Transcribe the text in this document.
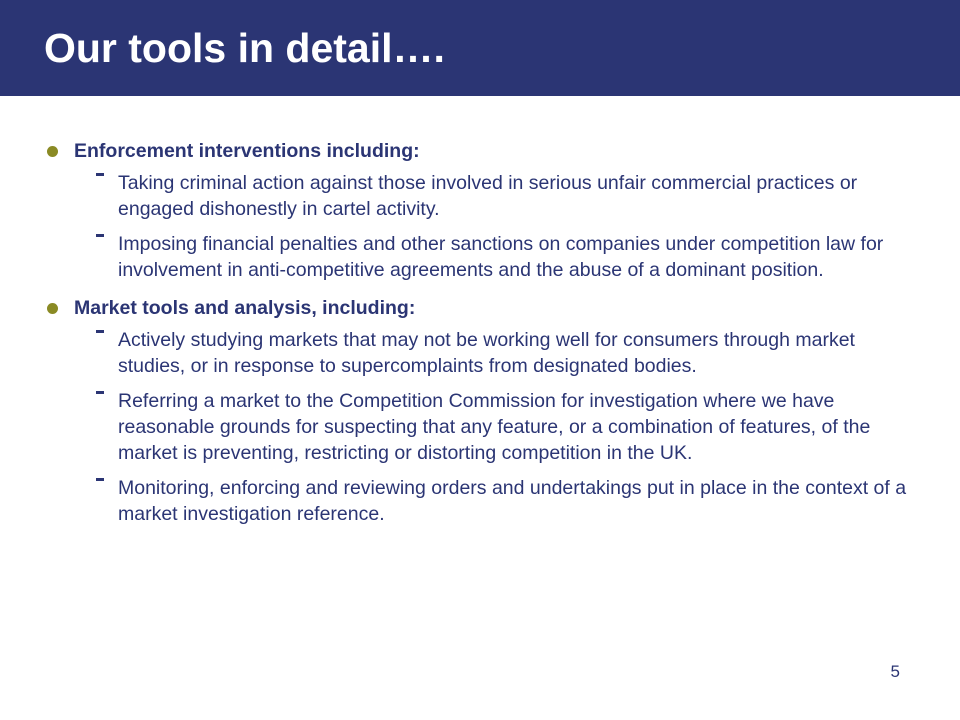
Our tools in detail….
Enforcement interventions including:
Taking criminal action against those involved in serious unfair commercial practices or engaged dishonestly in cartel activity.
Imposing financial penalties and other sanctions on companies under competition law for involvement in anti-competitive agreements and the abuse of a dominant position.
Market tools and analysis, including:
Actively studying markets that may not be working well for consumers through market studies, or in response to supercomplaints from designated bodies.
Referring a market to the Competition Commission for investigation where we have reasonable grounds for suspecting that any feature, or a combination of features, of the market is preventing, restricting or distorting competition in the UK.
Monitoring, enforcing and reviewing orders and undertakings put in place in the context of a market investigation reference.
5
